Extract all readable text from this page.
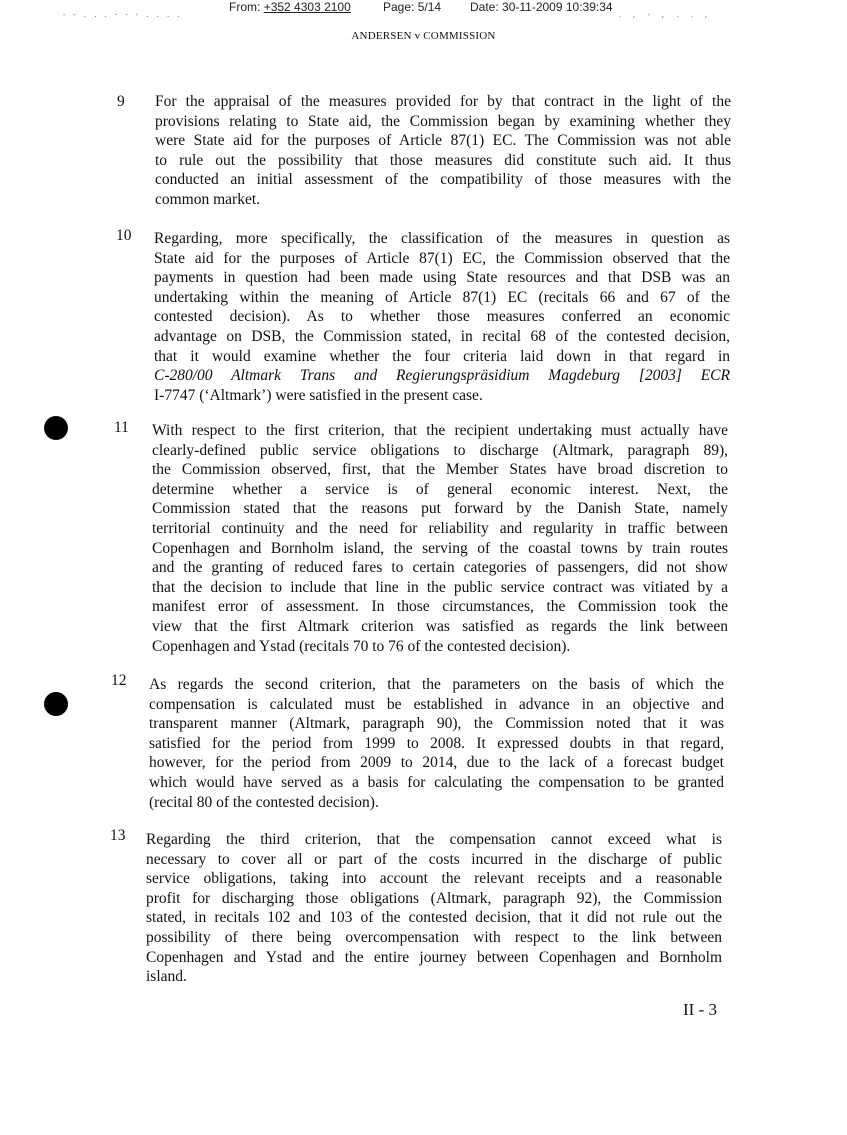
- - . . . - - - . . . .
From: +352 4303 2100	Page: 5/14 Date: 30-11-2009 10:39:34
. , - , . . ,
ANDERSEN v COMMISSION
9 For the appraisal of the measures provided for by that contract in the light of the
provisions relating to State aid, the Commission began by examining whether they
were State aid for the purposes of Article 87(1) EC. The Commission was not able
to rule out the possibility that those measures did constitute such aid. It thus
conducted an initial assessment of the compatibility of those measures with the
common market.
10 Regarding, more specifically, the classification of the measures in question as
State aid for the purposes of Article 87(1) EC, the Commission observed that the
payments in question had been made using State resources and that DSB was an
undertaking within the meaning of Article 87(1) EC (recitals 66 and 67 of the
contested decision). As to whether those measures conferred an economic
advantage on DSB, the Commission stated, in recital 68 of the contested decision,
that it would examine whether the four criteria laid down in that regard in
C-280/00 Altmark Trans and Regierungspräsidium Magdeburg [2003] ECR
I-7747 (‘Altmark’) were satisfied in the present case.
11 With respect to the first criterion, that the recipient undertaking must actually have
clearly-defined public service obligations to discharge (Altmark, paragraph 89),
the Commission observed, first, that the Member States have broad discretion to
determine whether a service is of general economic interest. Next, the
Commission stated that the reasons put forward by the Danish State, namely
territorial continuity and the need for reliability and regularity in traffic between
Copenhagen and Bornholm island, the serving of the coastal towns by train routes
and the granting of reduced fares to certain categories of passengers, did not show
that the decision to include that line in the public service contract was vitiated by a
manifest error of assessment. In those circumstances, the Commission took the
view that the first Altmark criterion was satisfied as regards the link between
Copenhagen and Ystad (recitals 70 to 76 of the contested decision).
12 As regards the second criterion, that the parameters on the basis of which the
compensation is calculated must be established in advance in an objective and
transparent manner (Altmark, paragraph 90), the Commission noted that it was
satisfied for the period from 1999 to 2008. It expressed doubts in that regard,
however, for the period from 2009 to 2014, due to the lack of a forecast budget
which would have served as a basis for calculating the compensation to be granted
(recital 80 of the contested decision).
13 Regarding the third criterion, that the compensation cannot exceed what is
necessary to cover all or part of the costs incurred in the discharge of public
service obligations, taking into account the relevant receipts and a reasonable
profit for discharging those obligations (Altmark, paragraph 92), the Commission
stated, in recitals 102 and 103 of the contested decision, that it did not rule out the
possibility of there being overcompensation with respect to the link between
Copenhagen and Ystad and the entire journey between Copenhagen and Bornholm
island.
II - 3
